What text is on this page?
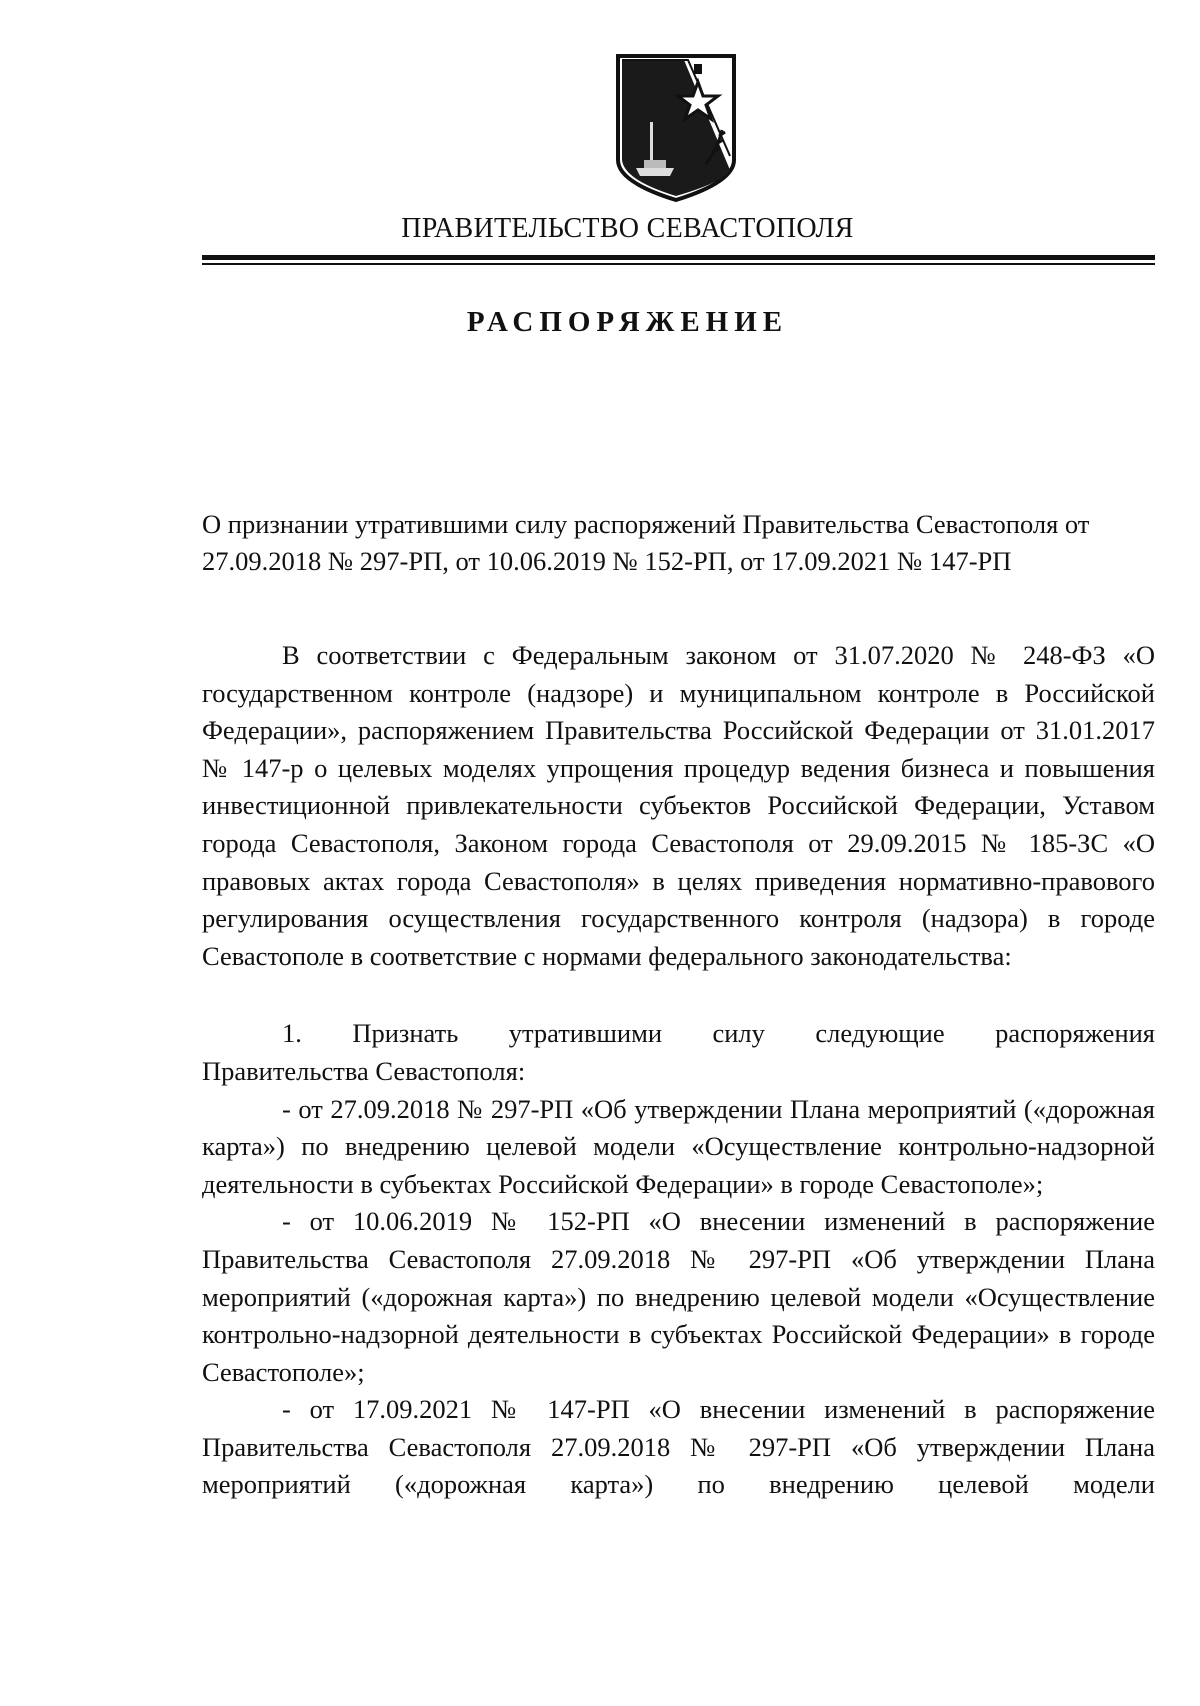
ПРАВИТЕЛЬСТВО СЕВАСТОПОЛЯ
РАСПОРЯЖЕНИЕ
О признании утратившими силу распоряжений Правительства Севастополя от 27.09.2018 № 297-РП, от 10.06.2019 № 152-РП, от 17.09.2021 № 147-РП

В соответствии с Федеральным законом от 31.07.2020 № 248-ФЗ «О государственном контроле (надзоре) и муниципальном контроле в Российской Федерации», распоряжением Правительства Российской Федерации от 31.01.2017 № 147-р о целевых моделях упрощения процедур ведения бизнеса и повышения инвестиционной привлекательности субъектов Российской Федерации, Уставом города Севастополя, Законом города Севастополя от 29.09.2015 № 185-ЗС «О правовых актах города Севастополя» в целях приведения нормативно-правового регулирования осуществления государственного контроля (надзора) в городе Севастополе в соответствие с нормами федерального законодательства:

1. Признать утратившими силу следующие распоряжения

Правительства Севастополя:

- от 27.09.2018 № 297-РП «Об утверждении Плана мероприятий («дорожная карта») по внедрению целевой модели «Осуществление контрольно-надзорной деятельности в субъектах Российской Федерации» в городе Севастополе»;

- от 10.06.2019 № 152-РП «О внесении изменений в распоряжение Правительства Севастополя 27.09.2018 № 297-РП «Об утверждении Плана мероприятий («дорожная карта») по внедрению целевой модели «Осуществление контрольно-надзорной деятельности в субъектах Российской Федерации» в городе Севастополе»;

- от 17.09.2021 № 147-РП «О внесении изменений в распоряжение Правительства Севастополя 27.09.2018 № 297-РП «Об утверждении Плана мероприятий («дорожная карта») по внедрению целевой модели
